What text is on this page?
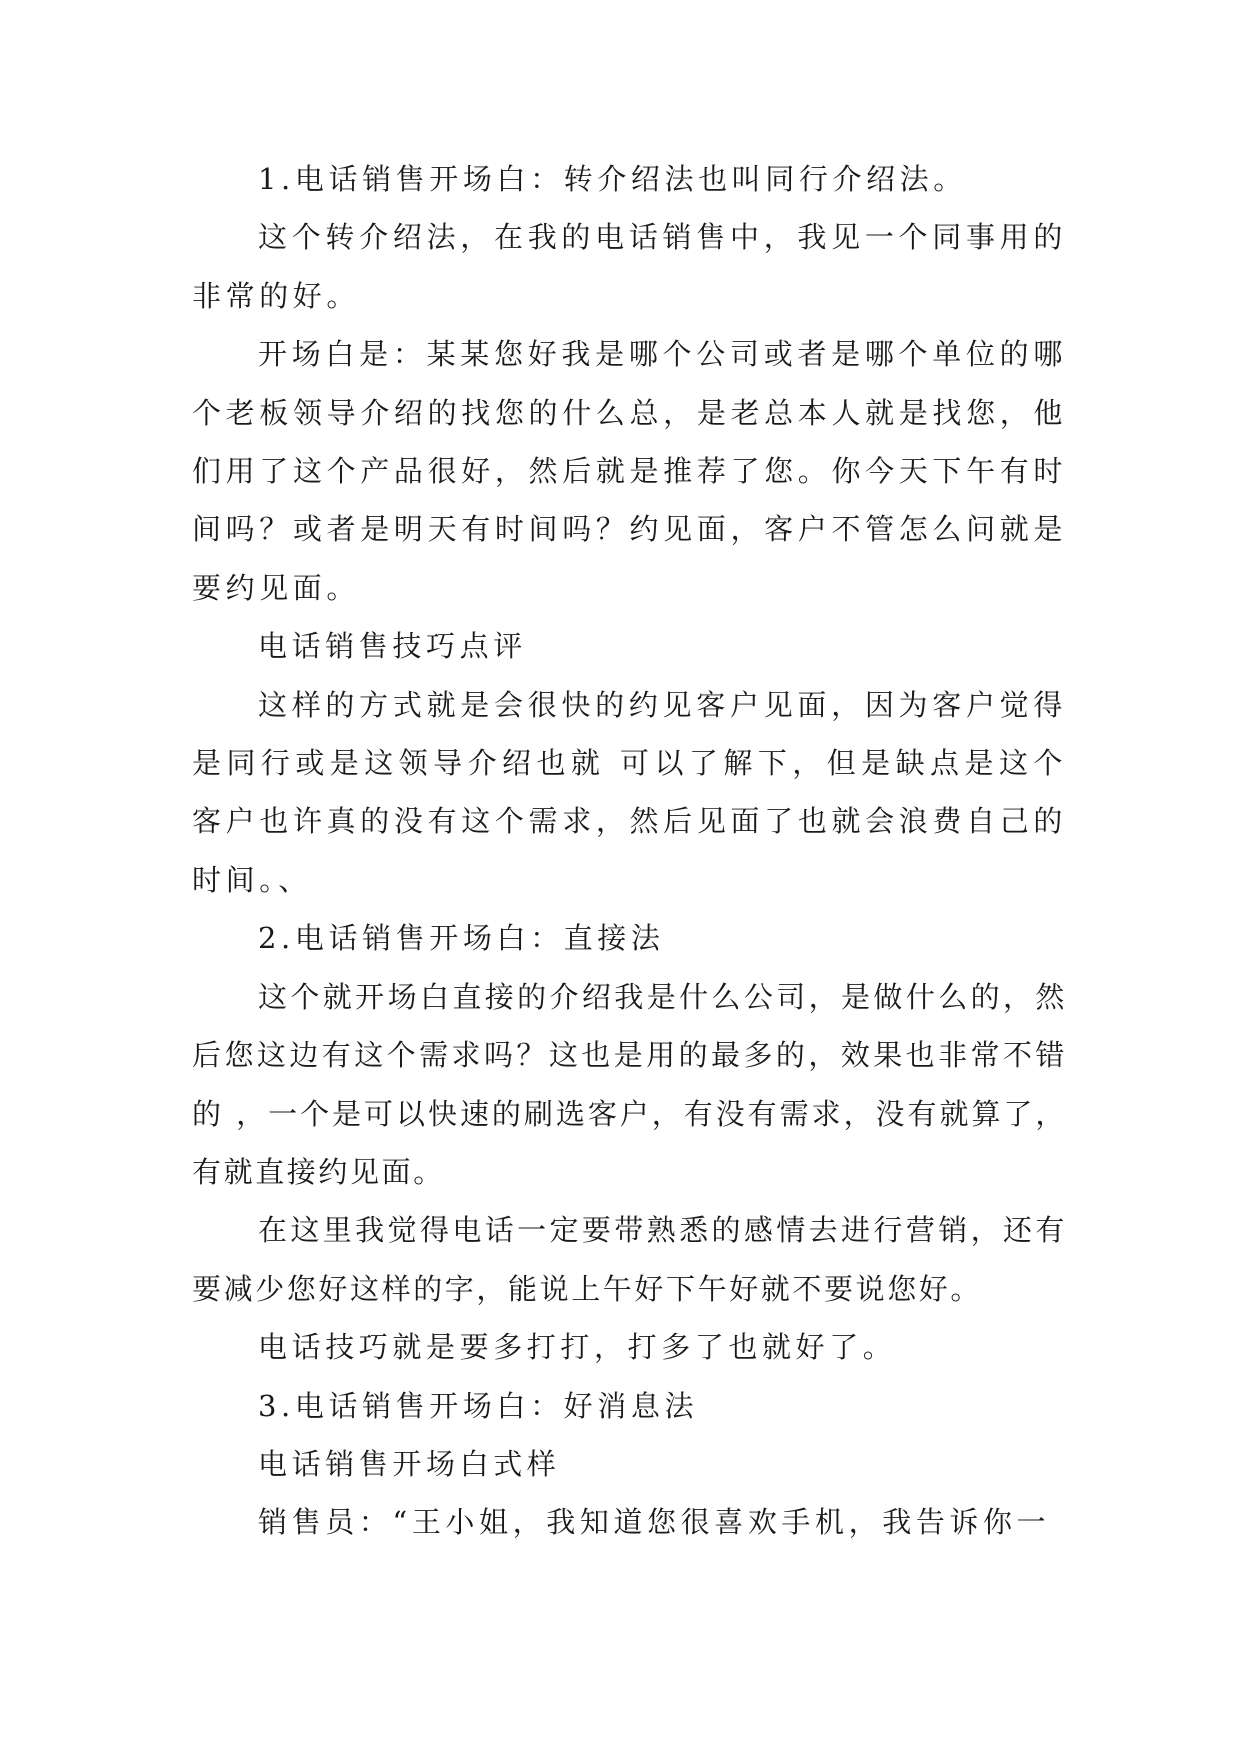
1.电话销售开场白：转介绍法也叫同行介绍法。

这个转介绍法，在我的电话销售中，我见一个同事用的非常的好。

开场白是：某某您好我是哪个公司或者是哪个单位的哪个老板领导介绍的找您的什么总，是老总本人就是找您，他们用了这个产品很好，然后就是推荐了您。你今天下午有时间吗？或者是明天有时间吗？约见面，客户不管怎么问就是要约见面。

电话销售技巧点评

这样的方式就是会很快的约见客户见面，因为客户觉得是同行或是这领导介绍也就 可以了解下，但是缺点是这个客户也许真的没有这个需求，然后见面了也就会浪费自己的时间。、

2.电话销售开场白：直接法

这个就开场白直接的介绍我是什么公司，是做什么的，然后您这边有这个需求吗？这也是用的最多的，效果也非常不错的 ，一个是可以快速的刷选客户，有没有需求，没有就算了，有就直接约见面。

在这里我觉得电话一定要带熟悉的感情去进行营销，还有要减少您好这样的字，能说上午好下午好就不要说您好。

电话技巧就是要多打打，打多了也就好了。

3.电话销售开场白：好消息法

电话销售开场白式样

销售员：“王小姐，我知道您很喜欢手机，我告诉你一
